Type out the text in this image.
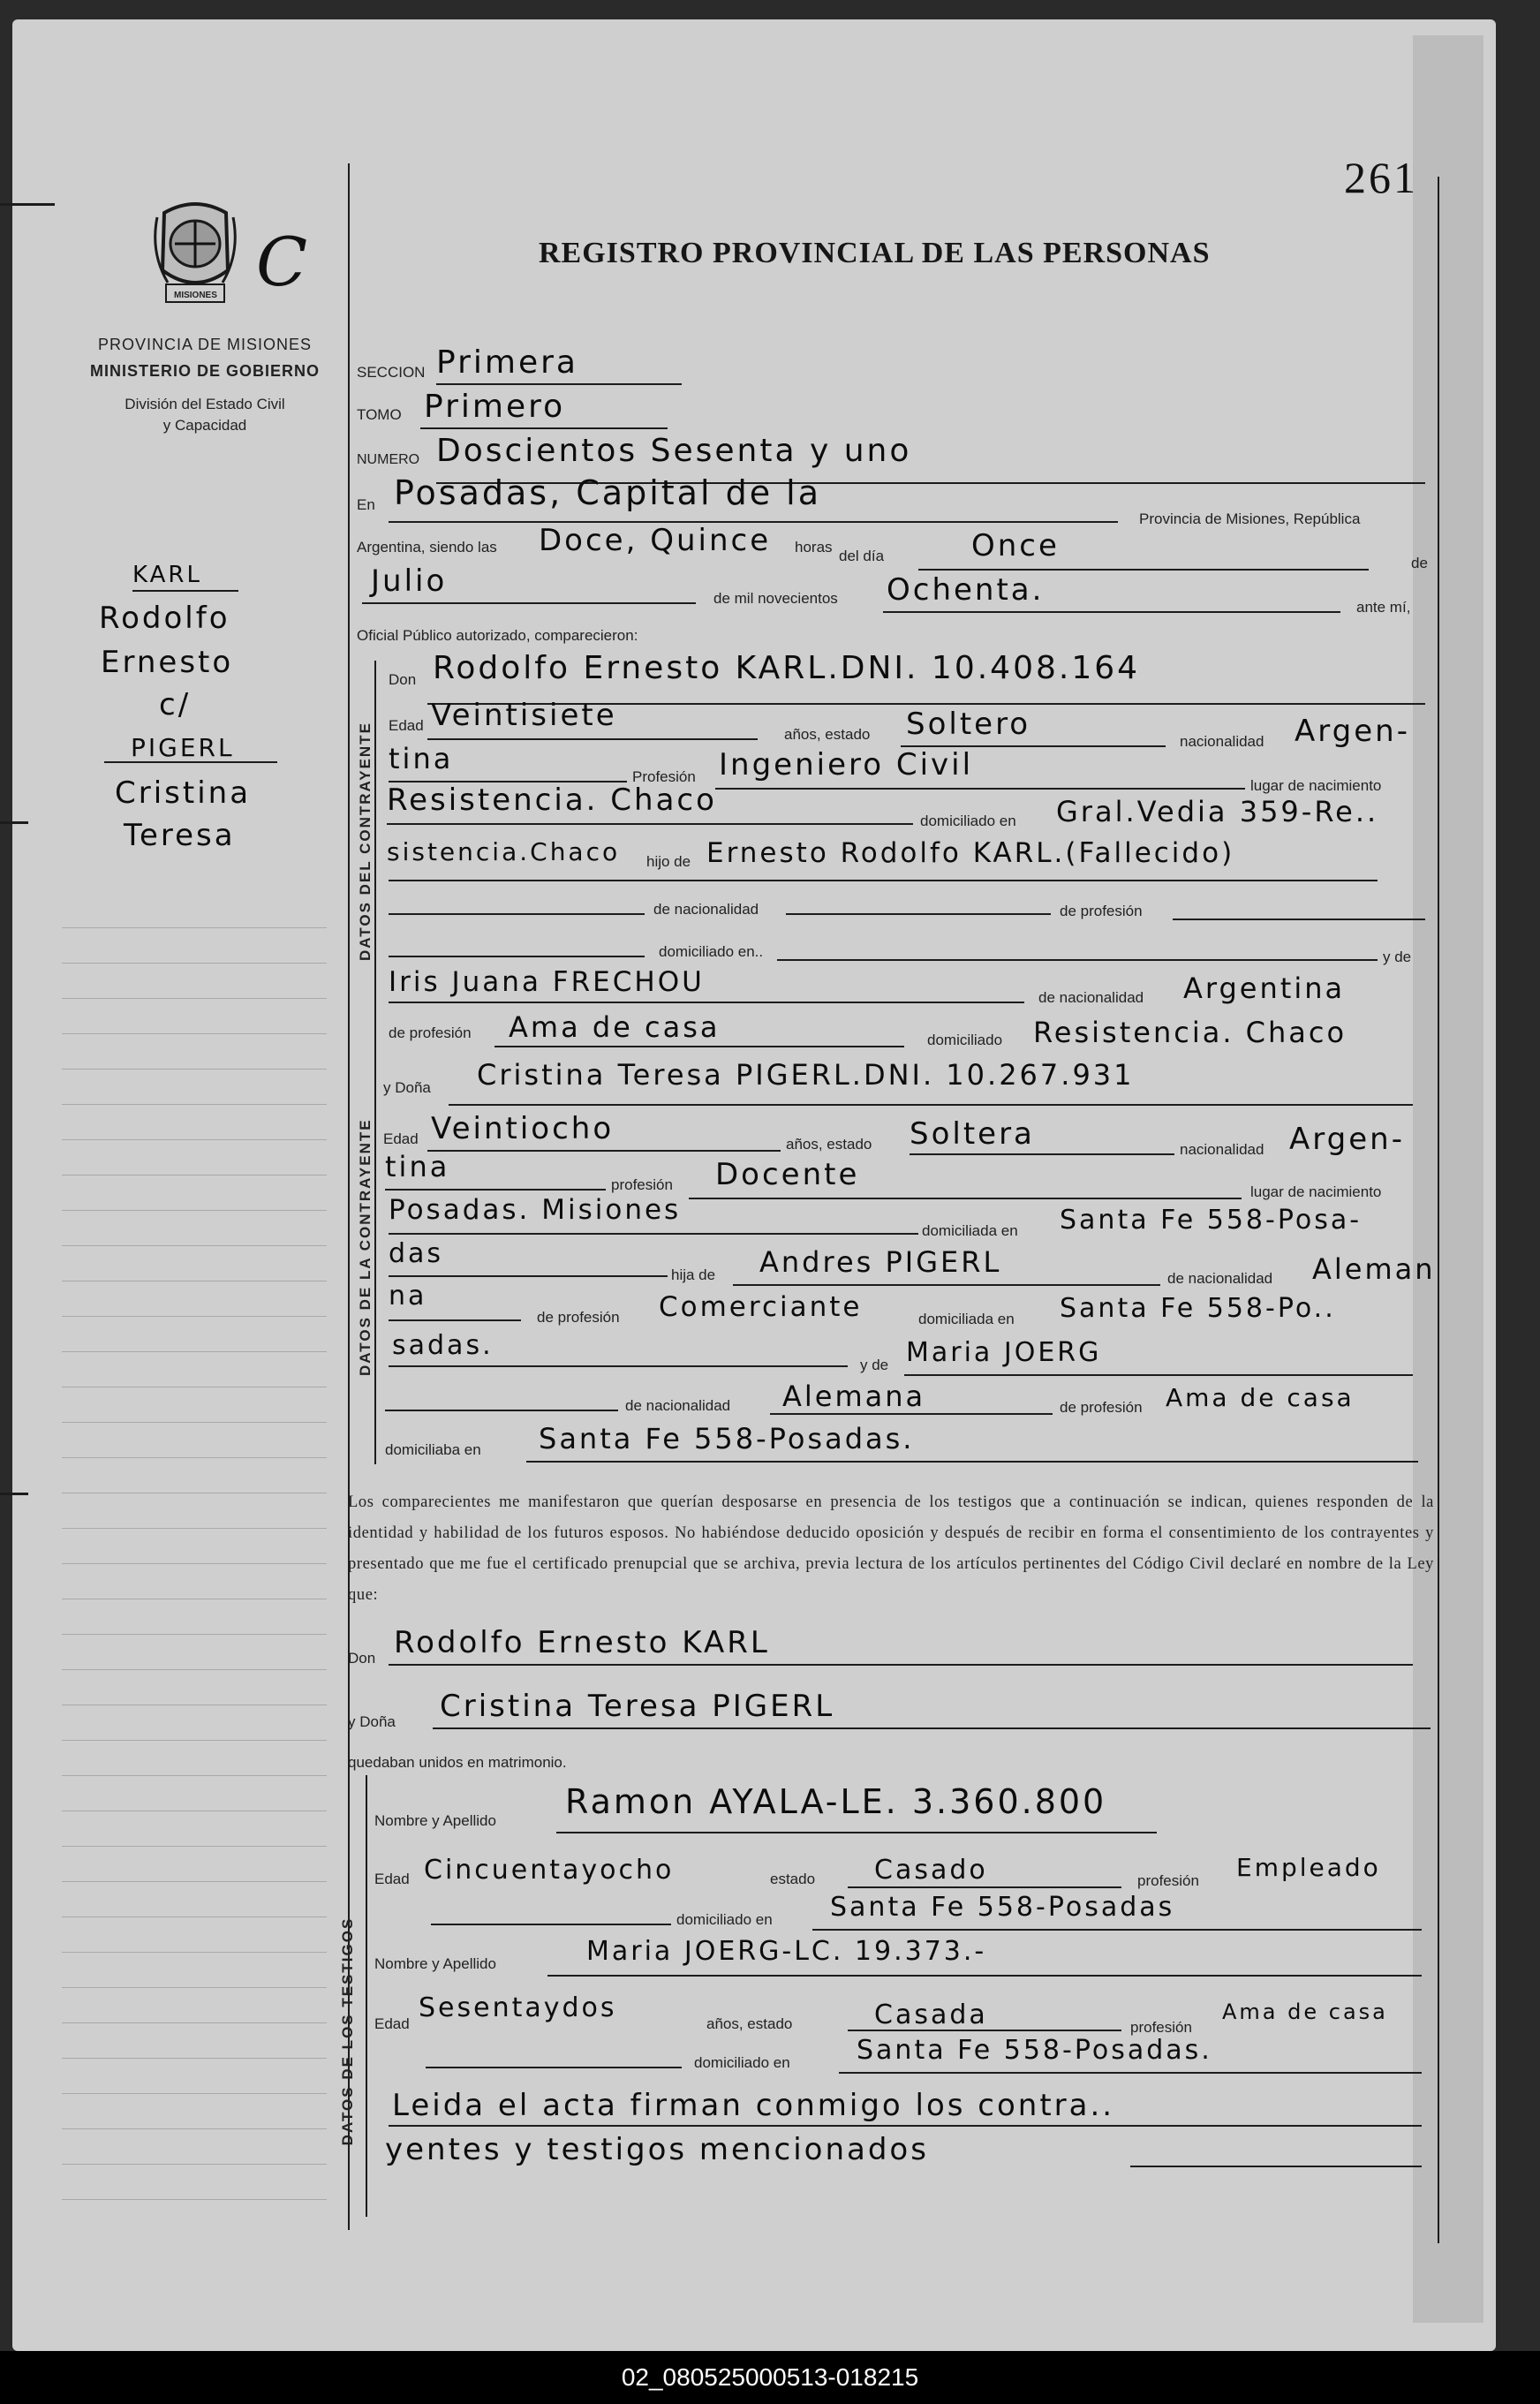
261
MISIONES C	REGISTRO PROVINCIAL DE LAS PERSONAS
PROVINCIA DE MISIONES
MINISTERIO DE GOBIERNO
División del Estado Civil
y Capacidad
KARL
Rodolfo
Ernesto
c/
PIGERL
Cristina
Teresa
SECCION Primera
TOMO Primero
NUMERO Doscientos Sesenta y uno
En Posadas, Capital de la
Provincia de Misiones, República
Argentina, siendo las Doce, Quince horas
del día	Once	de
Julio	de mil novecientos Ochenta.	ante mí,
Oficial Público autorizado, comparecieron:
DATOS DEL CONTRAYENTE
Don Rodolfo Ernesto KARL.DNI. 10.408.164
Edad Veintisiete
años, estado Soltero	nacionalidad Argen-
tina
Profesión Ingeniero Civil
lugar de nacimiento
Resistencia. Chaco
domiciliado en Gral.Vedia 359-Re..
sistencia.Chaco hijo de Ernesto Rodolfo KARL.(Fallecido)
de nacionalidad	de profesión
domiciliado en..	y de
Iris Juana FRECHOU	de nacionalidad Argentina
de profesión Ama de casa	domiciliado Resistencia. Chaco
DATOS DE LA CONTRAYENTE
y Doña Cristina Teresa PIGERL.DNI. 10.267.931
Edad Veintiocho	años, estado Soltera	nacionalidad Argen-
tina
profesión Docente	lugar de nacimiento
Posadas. Misiones
domiciliada en Santa Fe 558-Posa-
das
hija de Andres PIGERL	de nacionalidad Aleman
na
de profesión Comerciante	domiciliada en Santa Fe 558-Po..
sadas.
y de Maria JOERG
de nacionalidad Alemana	de profesión Ama de casa
domiciliaba en Santa Fe 558-Posadas.
Los comparecientes me manifestaron que querían desposarse en presencia de los testigos que a continuación se indican, quienes responden de la identidad y habilidad de los futuros esposos. No habiéndose deducido oposición y después de recibir en forma el consentimiento de los contrayentes y presentado que me fue el certificado prenupcial que se archiva, previa lectura de los artículos pertinentes del Código Civil declaré en nombre de la Ley que:
Don Rodolfo Ernesto KARL
y Doña Cristina Teresa PIGERL
quedaban unidos en matrimonio.
DATOS DE LOS TESTIGOS
Nombre y Apellido Ramon AYALA-LE. 3.360.800
Edad Cincuentayocho	estado Casado	profesión Empleado
domiciliado en Santa Fe 558-Posadas
Nombre y Apellido	Maria JOERG-LC. 19.373.-
Edad
Sesentaydos
años, estado	Casada	profesión
Ama de casa
domiciliado en	Santa Fe 558-Posadas.
Leida el acta firman conmigo los contra..
yentes y testigos mencionados
02_080525000513-018215
